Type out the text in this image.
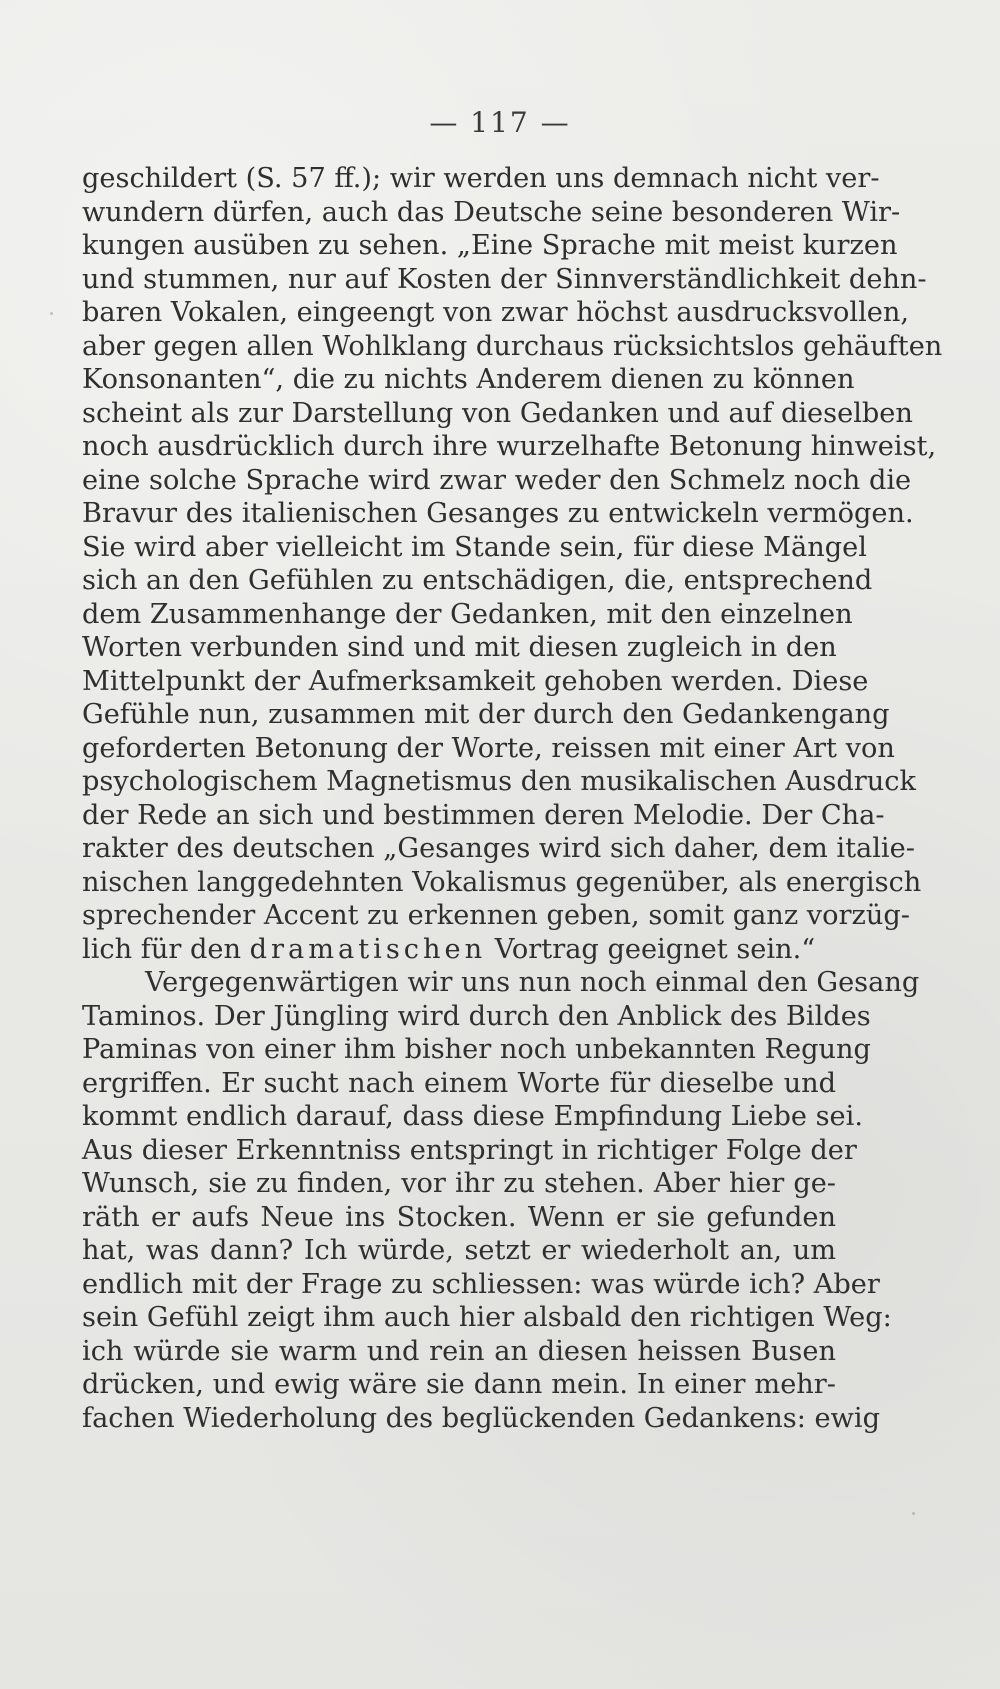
— 117 —
geschildert (S. 57 ff.); wir werden uns demnach nicht ver-
wundern dürfen, auch das Deutsche seine besonderen Wir-
kungen ausüben zu sehen. „Eine Sprache mit meist kurzen
und stummen, nur auf Kosten der Sinnverständlichkeit dehn-
baren Vokalen, eingeengt von zwar höchst ausdrucksvollen,
aber gegen allen Wohlklang durchaus rücksichtslos gehäuften
Konsonanten“, die zu nichts Anderem dienen zu können
scheint als zur Darstellung von Gedanken und auf dieselben
noch ausdrücklich durch ihre wurzelhafte Betonung hinweist,
eine solche Sprache wird zwar weder den Schmelz noch die
Bravur des italienischen Gesanges zu entwickeln vermögen.
Sie wird aber vielleicht im Stande sein, für diese Mängel
sich an den Gefühlen zu entschädigen, die, entsprechend
dem Zusammenhange der Gedanken, mit den einzelnen
Worten verbunden sind und mit diesen zugleich in den
Mittelpunkt der Aufmerksamkeit gehoben werden. Diese
Gefühle nun, zusammen mit der durch den Gedankengang
geforderten Betonung der Worte, reissen mit einer Art von
psychologischem Magnetismus den musikalischen Ausdruck
der Rede an sich und bestimmen deren Melodie. Der Cha-
rakter des deutschen „Gesanges wird sich daher, dem italie-
nischen langgedehnten Vokalismus gegenüber, als energisch
sprechender Accent zu erkennen geben, somit ganz vorzüg-
lich für den dramatischen Vortrag geeignet sein.“
Vergegenwärtigen wir uns nun noch einmal den Gesang
Taminos. Der Jüngling wird durch den Anblick des Bildes
Paminas von einer ihm bisher noch unbekannten Regung
ergriffen. Er sucht nach einem Worte für dieselbe und
kommt endlich darauf, dass diese Empfindung Liebe sei.
Aus dieser Erkenntniss entspringt in richtiger Folge der
Wunsch, sie zu finden, vor ihr zu stehen. Aber hier ge-
räth er aufs Neue ins Stocken. Wenn er sie gefunden
hat, was dann? Ich würde, setzt er wiederholt an, um
endlich mit der Frage zu schliessen: was würde ich? Aber
sein Gefühl zeigt ihm auch hier alsbald den richtigen Weg:
ich würde sie warm und rein an diesen heissen Busen
drücken, und ewig wäre sie dann mein. In einer mehr-
fachen Wiederholung des beglückenden Gedankens: ewig
